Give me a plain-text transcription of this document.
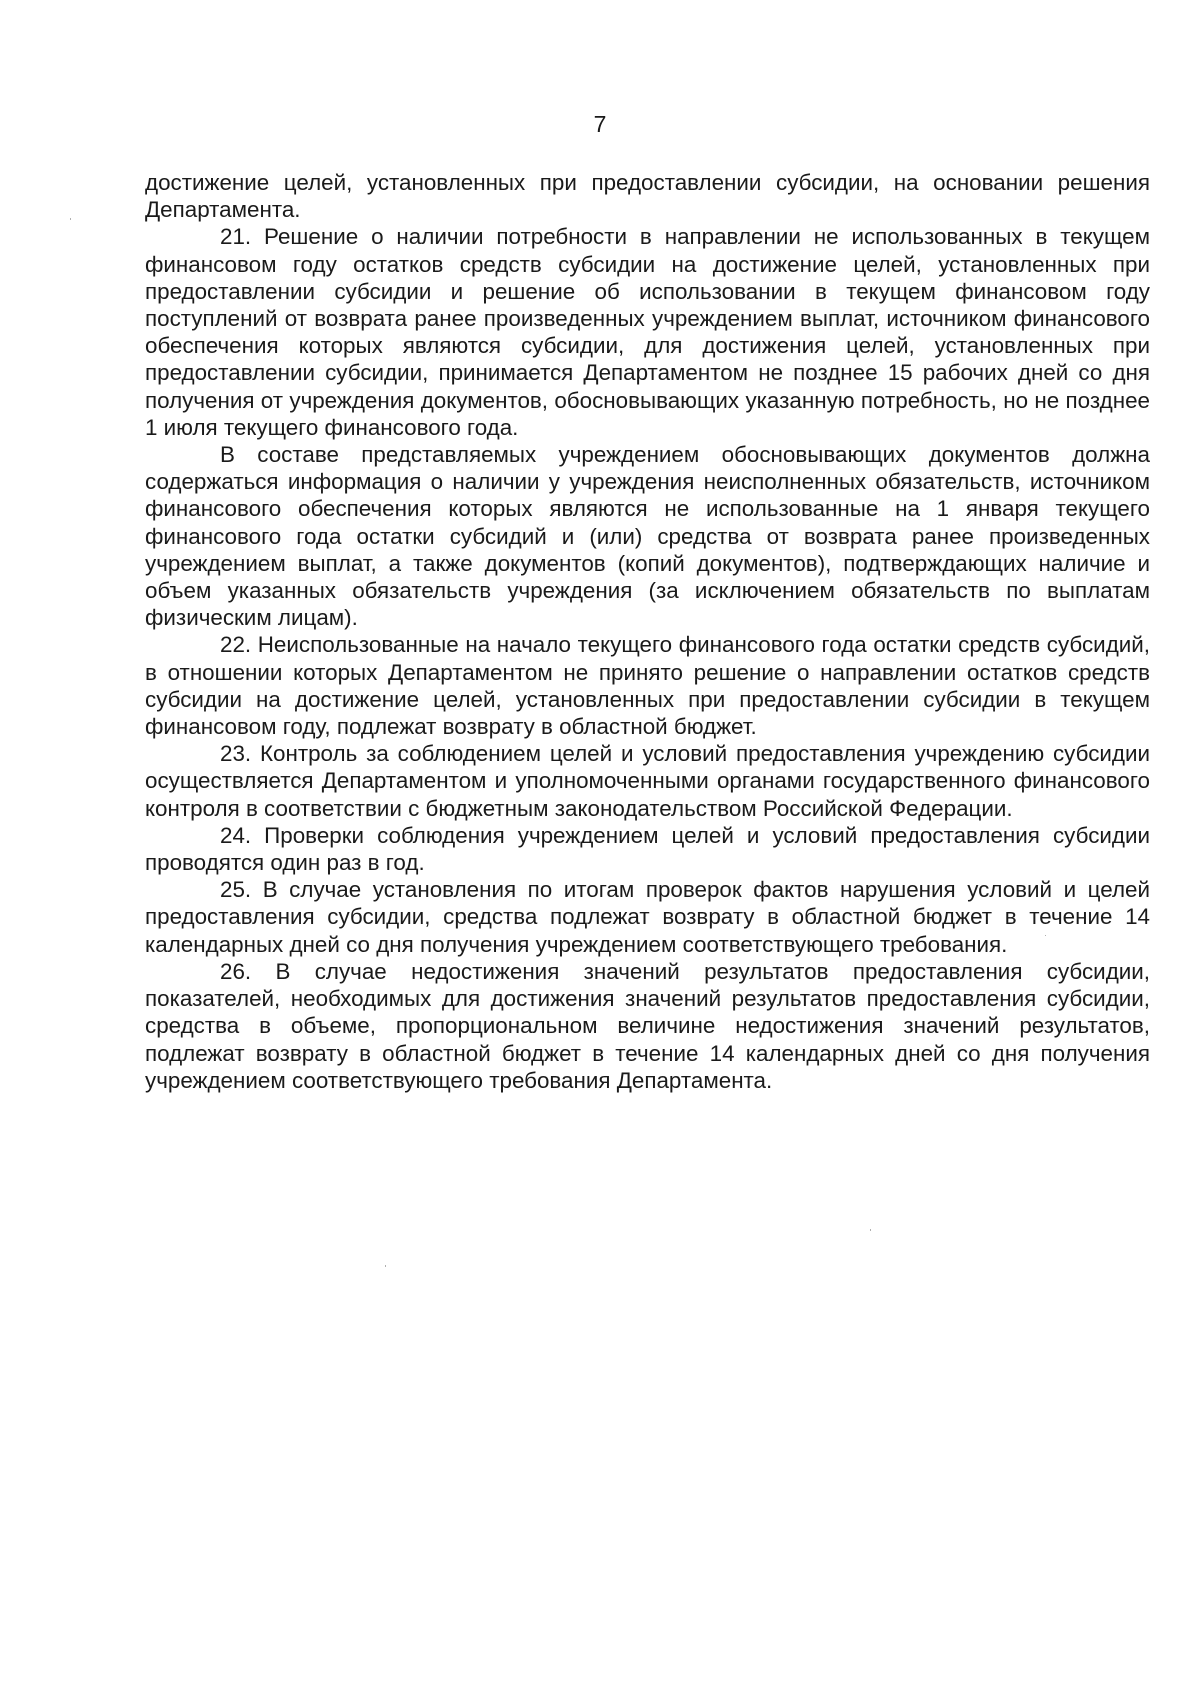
7

достижение целей, установленных при предоставлении субсидии, на основании решения Департамента.

21. Решение о наличии потребности в направлении не использованных в текущем финансовом году остатков средств субсидии на достижение целей, установленных при предоставлении субсидии и решение об использовании в текущем финансовом году поступлений от возврата ранее произведенных учреждением выплат, источником финансового обеспечения которых являются субсидии, для достижения целей, установленных при предоставлении субсидии, принимается Департаментом не позднее 15 рабочих дней со дня получения от учреждения документов, обосновывающих указанную потребность, но не позднее 1 июля текущего финансового года.

В составе представляемых учреждением обосновывающих документов должна содержаться информация о наличии у учреждения неисполненных обязательств, источником финансового обеспечения которых являются не использованные на 1 января текущего финансового года остатки субсидий и (или) средства от возврата ранее произведенных учреждением выплат, а также документов (копий документов), подтверждающих наличие и объем указанных обязательств учреждения (за исключением обязательств по выплатам физическим лицам).

22. Неиспользованные на начало текущего финансового года остатки средств субсидий, в отношении которых Департаментом не принято решение о направлении остатков средств субсидии на достижение целей, установленных при предоставлении субсидии в текущем финансовом году, подлежат возврату в областной бюджет.

23. Контроль за соблюдением целей и условий предоставления учреждению субсидии осуществляется Департаментом и уполномоченными органами государственного финансового контроля в соответствии с бюджетным законодательством Российской Федерации.

24. Проверки соблюдения учреждением целей и условий предоставления субсидии проводятся один раз в год.

25. В случае установления по итогам проверок фактов нарушения условий и целей предоставления субсидии, средства подлежат возврату в областной бюджет в течение 14 календарных дней со дня получения учреждением соответствующего требования.

26. В случае недостижения значений результатов предоставления субсидии, показателей, необходимых для достижения значений результатов предоставления субсидии, средства в объеме, пропорциональном величине недостижения значений результатов, подлежат возврату в областной бюджет в течение 14 календарных дней со дня получения учреждением соответствующего требования Департамента.
